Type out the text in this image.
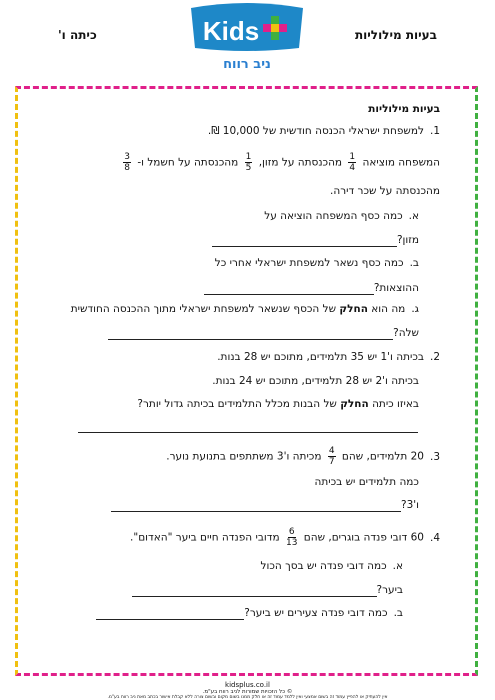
בעיות מילוליות
כיתה ו'	Kids
ניב רווח
בעיות מילוליות
1.למשפחת ישראלי הכנסה חודשית של 10,000 ₪.
המשפחה מוציאה
$\frac{1}{4}$
מהכנסתה על מזון,
$\frac{1}{5}$
מהכנסתה על חשמל ו-
$\frac{3}{8}$
מהכנסתה על שכר דירה.
א.כמה כסף המשפחה הוציאה על
מזון?
ב.כמה כסף נשאר למשפחת ישראלי אחרי כל
ההוצאות?
ג.מה הוא החלק של הכסף שנשאר למשפחת ישראלי מתוך ההכנסה החודשית
שלה?
2.בכיתה ו'1 יש 35 תלמידים, מתוכם יש 28 בנות.
בכיתה ו'2 יש 28 תלמידים, מתוכם יש 24 בנות.
באיזו כיתה החלק של הבנות מכלל התלמידים בכיתה גדול יותר?
3.20 תלמידים, שהם
$\frac{4}{7}$
מכיתה ו'3 משתתפים בתנועת נוער.
כמה תלמידים יש בכיתה
ו'3?
4.60 דובי פנדה בוגרים, שהם
$\frac{6}{13}$
מדובי הפנדה חיים ביער "האדום".
א.כמה דובי פנדה יש בסך הכול
ביער?
ב.כמה דובי פנדה צעירים יש ביער?
kidsplus.co.il
© כל הזכויות שמורות לניב רווח בע"מ.
אין להעתיק או להפיץ עמוד זה בשום אמצעי ואין ללמד עמוד זה או חלק ממנו בשום מקום ובשום צורה ללא קבלת אישור בכתב מאת ניב רווח בע"מ.
